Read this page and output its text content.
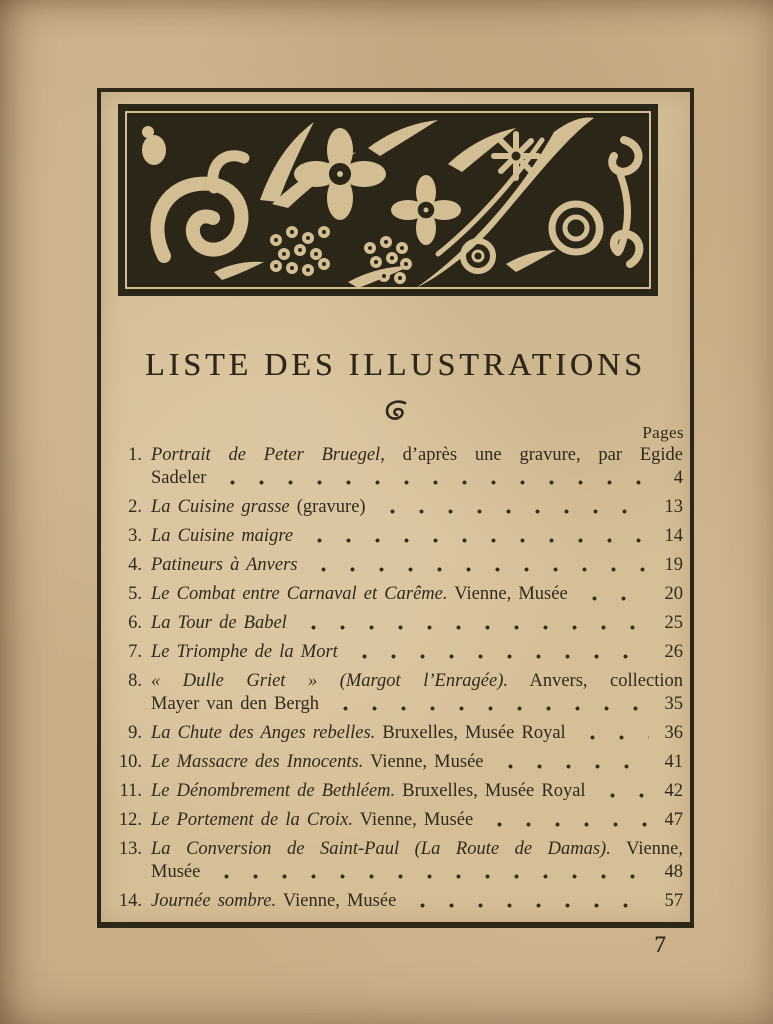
LISTE DES ILLUSTRATIONS
Pages
1. Portrait de Peter Bruegel, d’après une gravure, par Egide
Sadeler	4
2. La Cuisine grasse (gravure)	13
3. La Cuisine maigre	14
4. Patineurs à Anvers	19
5. Le Combat entre Carnaval et Carême. Vienne, Musée	20
6. La Tour de Babel	25
7. Le Triomphe de la Mort	26
8. « Dulle Griet » (Margot l’Enragée). Anvers, collection
Mayer van den Bergh	35
9. La Chute des Anges rebelles. Bruxelles, Musée Royal	36
10. Le Massacre des Innocents. Vienne, Musée	41
11. Le Dénombrement de Bethléem. Bruxelles, Musée Royal	42
12. Le Portement de la Croix. Vienne, Musée	47
13. La Conversion de Saint-Paul (La Route de Damas). Vienne,
Musée	48
14. Journée sombre. Vienne, Musée	57
7
